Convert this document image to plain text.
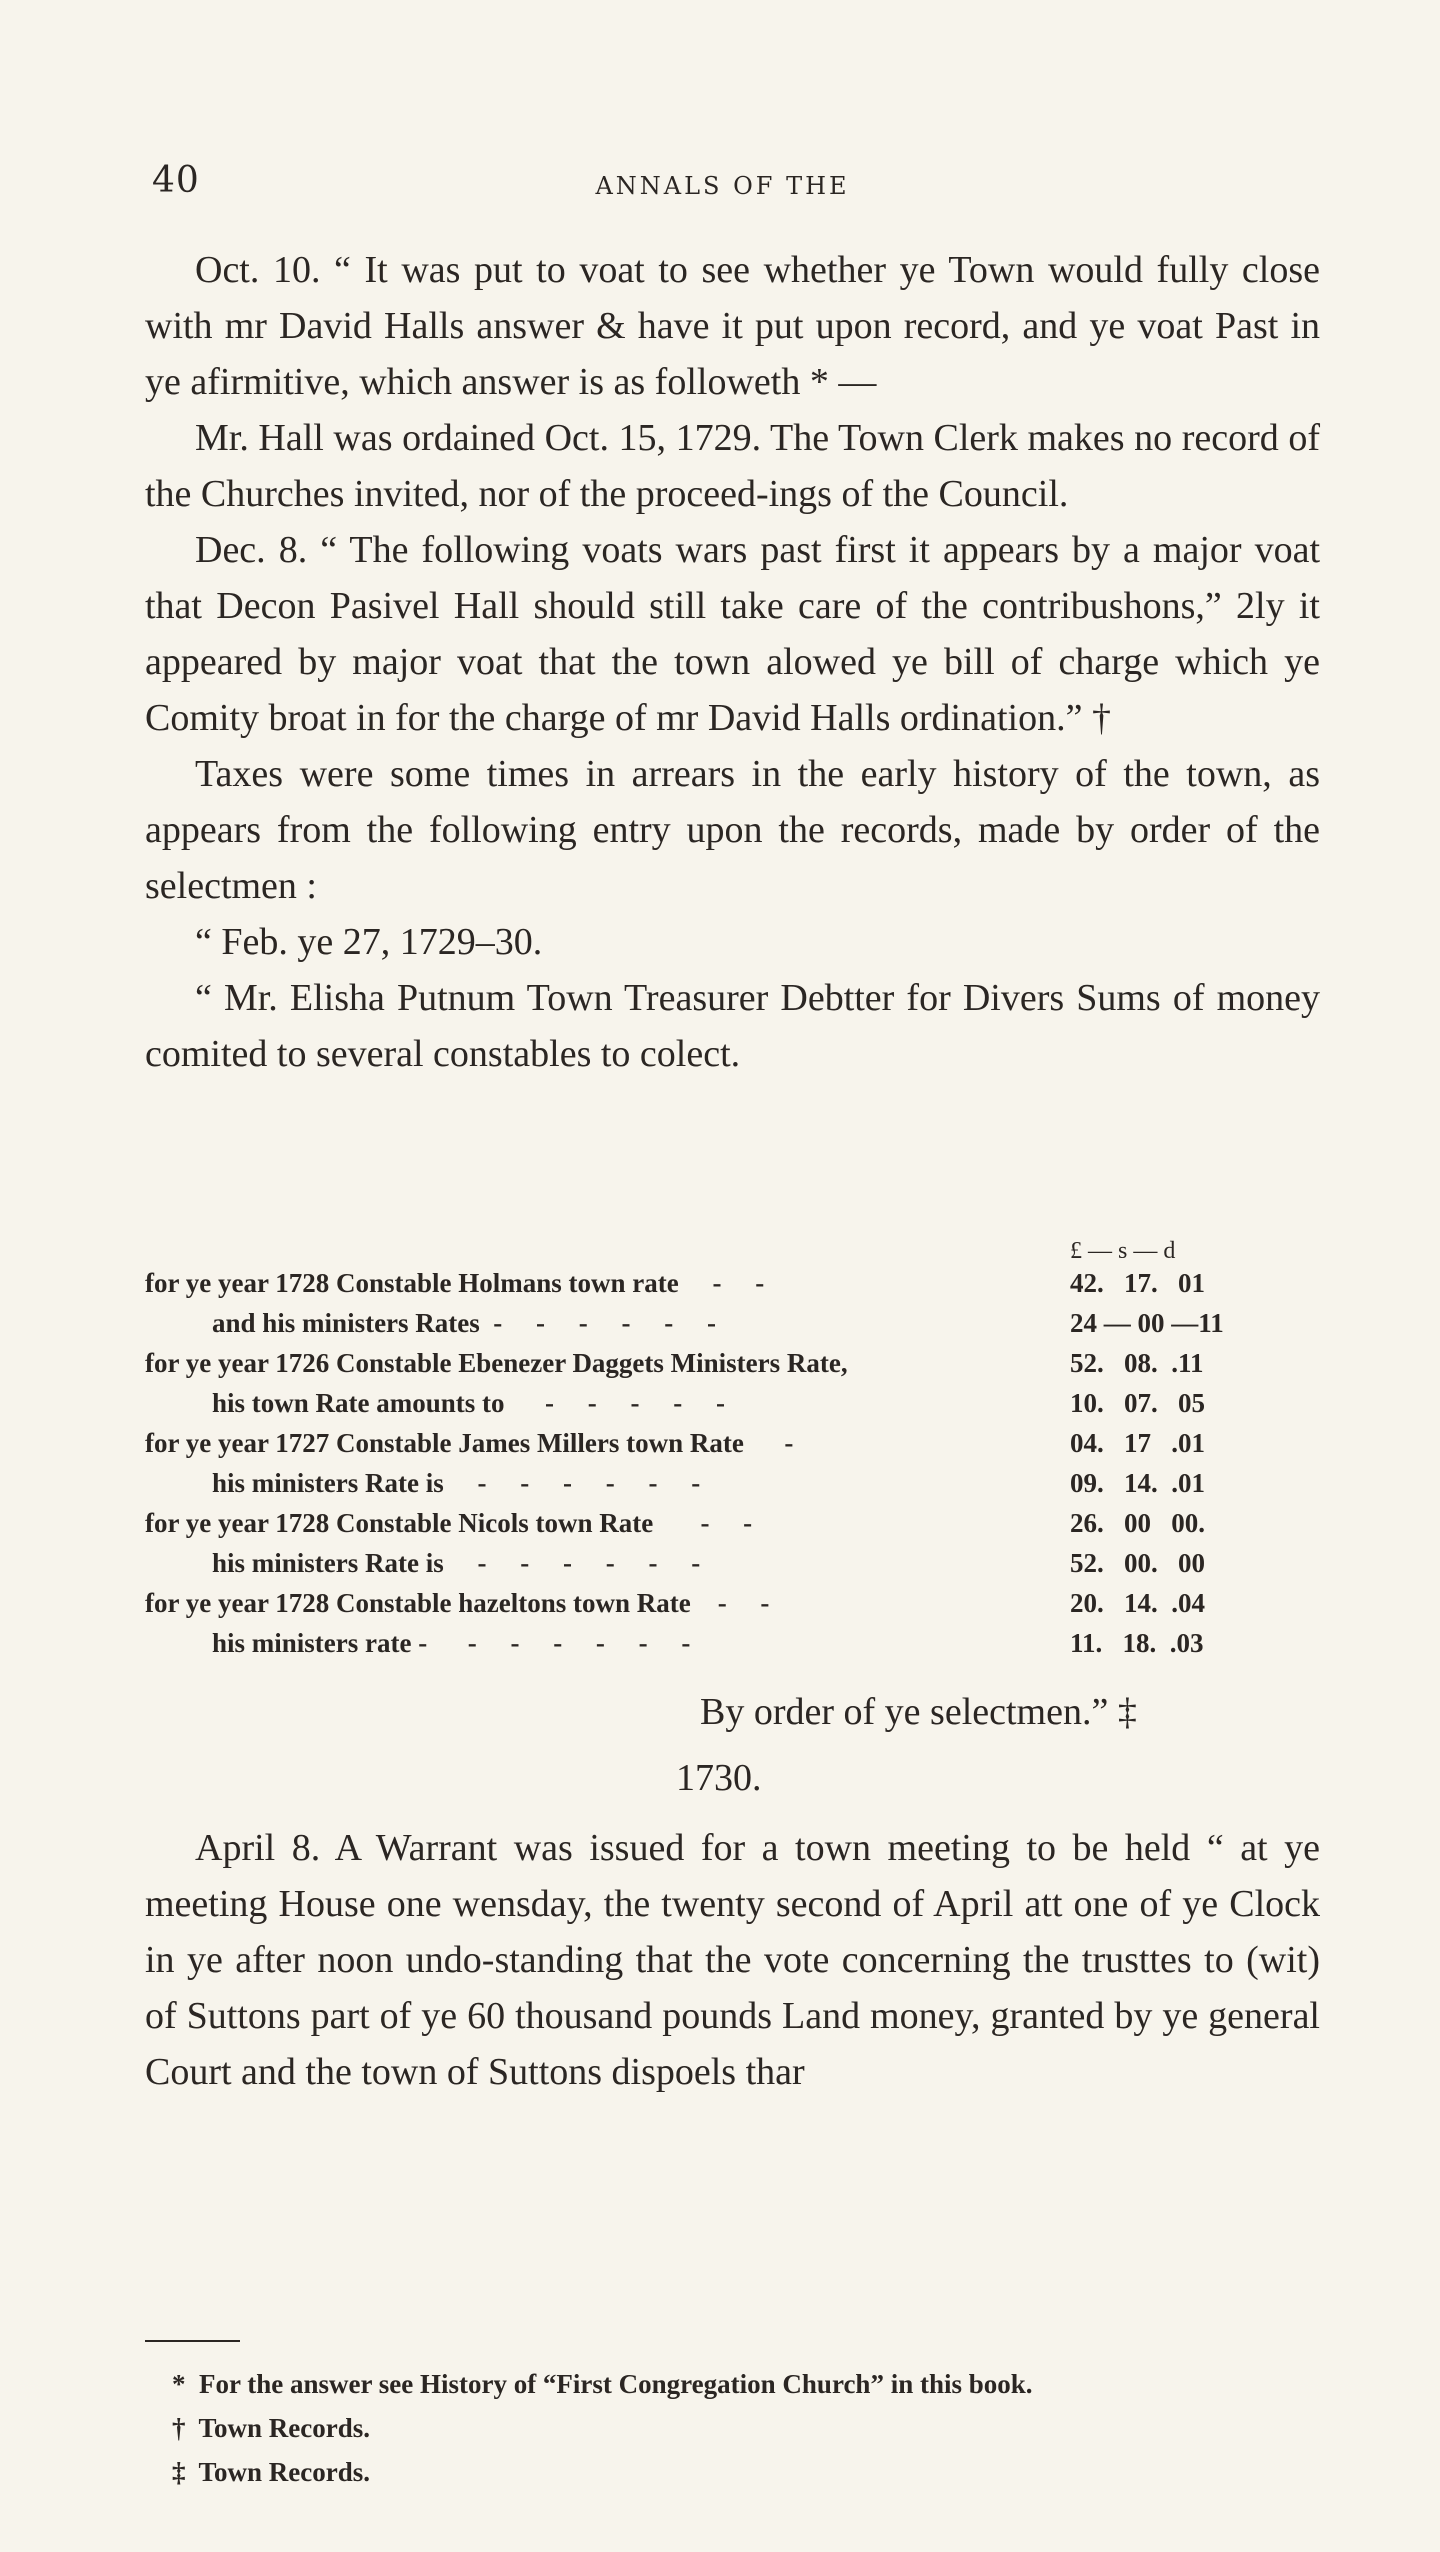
40	ANNALS OF THE

Oct. 10. “ It was put to voat to see whether ye Town would fully close with mr David Halls answer & have it put upon record, and ye voat Past in ye afirmitive, which answer is as followeth * —

Mr. Hall was ordained Oct. 15, 1729. The Town Clerk makes no record of the Churches invited, nor of the proceed-ings of the Council.

Dec. 8. “ The following voats wars past first it appears by a major voat that Decon Pasivel Hall should still take care of the contribushons,” 2ly it appeared by major voat that the town alowed ye bill of charge which ye Comity broat in for the charge of mr David Halls ordination.” †

Taxes were some times in arrears in the early history of the town, as appears from the following entry upon the records, made by order of the selectmen :

“ Feb. ye 27, 1729–30.

“ Mr. Elisha Putnum Town Treasurer Debtter for Divers Sums of money comited to several constables to colect.

£ — s — d
for ye year 1728 Constable Holmans town rate     -     -	42.   17.   01
and his ministers Rates  -     -     -     -     -     -	24 — 00 —11
for ye year 1726 Constable Ebenezer Daggets Ministers Rate,	52.   08.  .11
his town Rate amounts to      -     -     -     -     -	10.   07.   05
for ye year 1727 Constable James Millers town Rate      -	04.   17   .01
his ministers Rate is     -     -     -     -     -     -	09.   14.  .01
for ye year 1728 Constable Nicols town Rate       -     -	26.   00   00.
his ministers Rate is     -     -     -     -     -     -	52.   00.   00
for ye year 1728 Constable hazeltons town Rate    -     -	20.   14.  .04
his ministers rate -      -     -     -     -     -     -	11.   18.  .03
By order of ye selectmen.” ‡
1730.

April 8. A Warrant was issued for a town meeting to be held “ at ye meeting House one wensday, the twenty second of April att one of ye Clock in ye after noon undo-standing that the vote concerning the trusttes to (wit) of Suttons part of ye 60 thousand pounds Land money, granted by ye general Court and the town of Suttons dispoels thar

*  For the answer see History of “First Congregation Church” in this book.
†  Town Records.
‡  Town Records.
